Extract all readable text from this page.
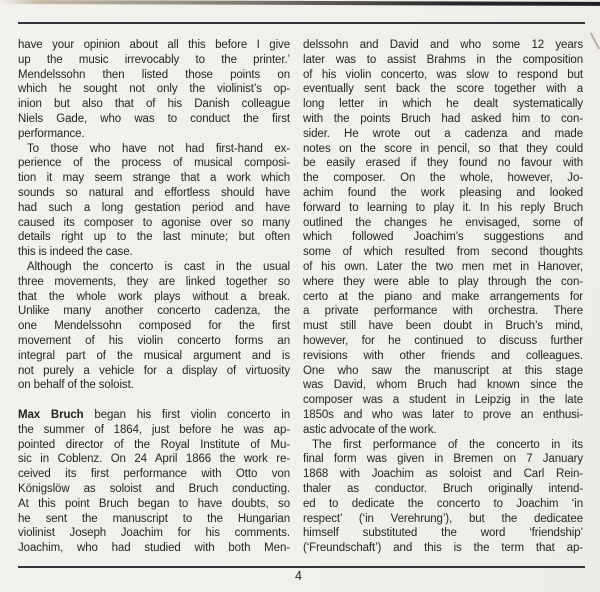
have your opinion about all this before I give
up the music irrevocably to the printer.’
Mendelssohn then listed those points on
which he sought not only the violinist’s op-
inion but also that of his Danish colleague
Niels Gade, who was to conduct the first
performance.
To those who have not had first-hand ex-
perience of the process of musical composi-
tion it may seem strange that a work which
sounds so natural and effortless should have
had such a long gestation period and have
caused its composer to agonise over so many
details right up to the last minute; but often
this is indeed the case.
Although the concerto is cast in the usual
three movements, they are linked together so
that the whole work plays without a break.
Unlike many another concerto cadenza, the
one Mendelssohn composed for the first
movement of his violin concerto forms an
integral part of the musical argument and is
not purely a vehicle for a display of virtuosity
on behalf of the soloist.
Max Bruch began his first violin concerto in
the summer of 1864, just before he was ap-
pointed director of the Royal Institute of Mu-
sic in Coblenz. On 24 April 1866 the work re-
ceived its first performance with Otto von
Königslöw as soloist and Bruch conducting.
At this point Bruch began to have doubts, so
he sent the manuscript to the Hungarian
violinist Joseph Joachim for his comments.
Joachim, who had studied with both Men-
delssohn and David and who some 12 years
later was to assist Brahms in the composition
of his violin concerto, was slow to respond but
eventually sent back the score together with a
long letter in which he dealt systematically
with the points Bruch had asked him to con-
sider. He wrote out a cadenza and made
notes on the score in pencil, so that they could
be easily erased if they found no favour with
the composer. On the whole, however, Jo-
achim found the work pleasing and looked
forward to learning to play it. In his reply Bruch
outlined the changes he envisaged, some of
which followed Joachim’s suggestions and
some of which resulted from second thoughts
of his own. Later the two men met in Hanover,
where they were able to play through the con-
certo at the piano and make arrangements for
a private performance with orchestra. There
must still have been doubt in Bruch’s mind,
however, for he continued to discuss further
revisions with other friends and colleagues.
One who saw the manuscript at this stage
was David, whom Bruch had known since the
composer was a student in Leipzig in the late
1850s and who was later to prove an enthusi-
astic advocate of the work.
The first performance of the concerto in its
final form was given in Bremen on 7 January
1868 with Joachim as soloist and Carl Rein-
thaler as conductor. Bruch originally intend-
ed to dedicate the concerto to Joachim ‘in
respect’ (‘in Verehrung’), but the dedicatee
himself substituted the word ‘friendship’
(‘Freundschaft’) and this is the term that ap-
4
